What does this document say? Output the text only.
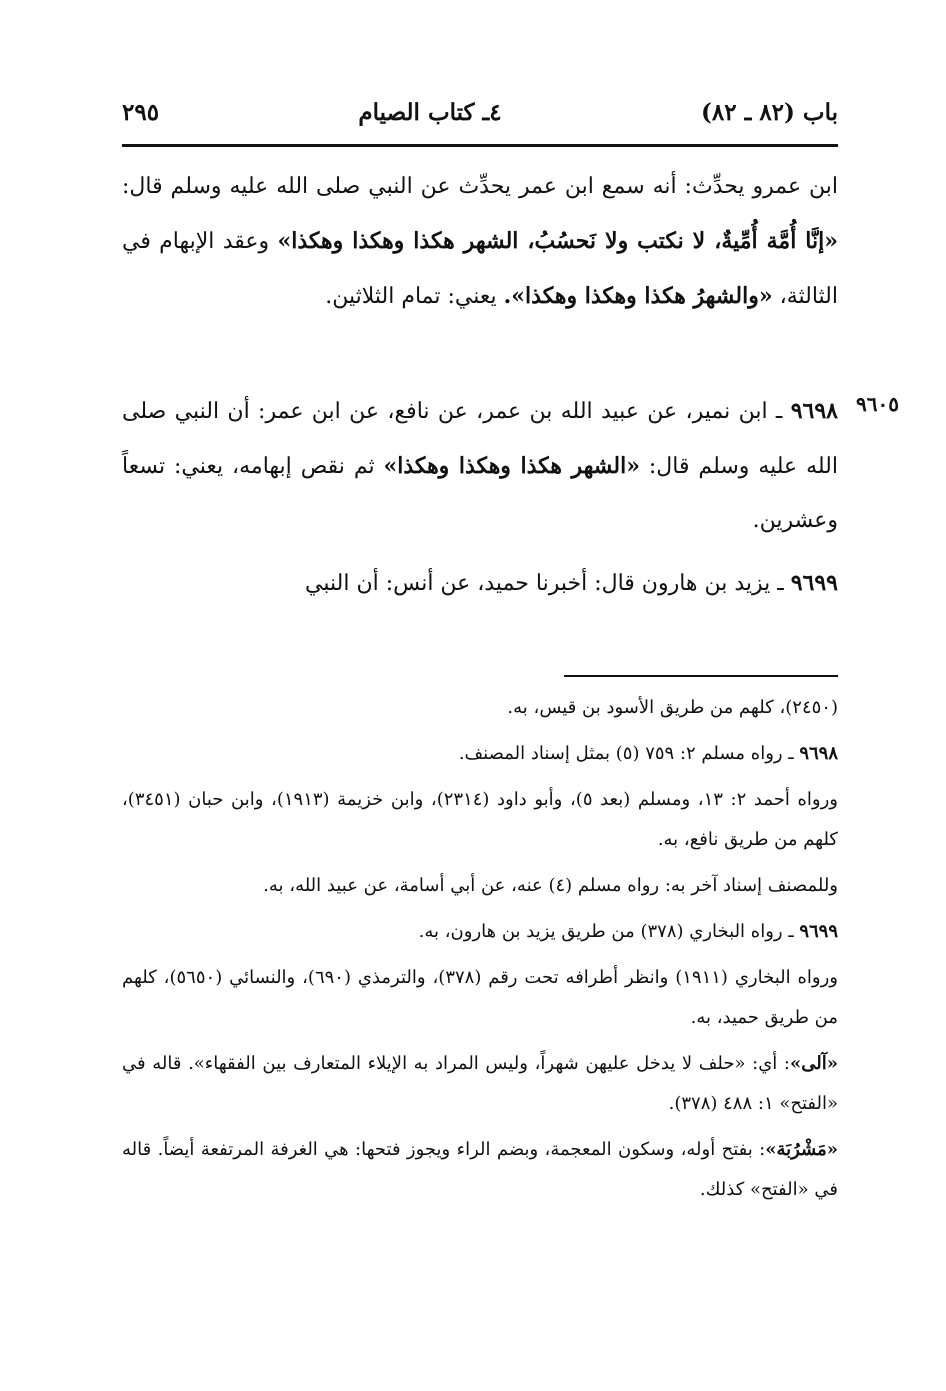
باب (٨٢ ـ ٨٢)
٤ـ كتاب الصيام
٢٩٥
ابن عمرو يحدِّث: أنه سمع ابن عمر يحدِّث عن النبي صلى الله عليه وسلم قال: «إنَّا أُمَّة أُمِّيةٌ، لا نكتب ولا نَحسُبُ، الشهر هكذا وهكذا وهكذا» وعقد الإبهام في الثالثة، «والشهرُ هكذا وهكذا وهكذا». يعني: تمام الثلاثين.
٩٦٠٥
٩٦٩٨ ـ ابن نمير، عن عبيد الله بن عمر، عن نافع، عن ابن عمر: أن النبي صلى الله عليه وسلم قال: «الشهر هكذا وهكذا وهكذا» ثم نقص إبهامه، يعني: تسعاً وعشرين.
٩٦٩٩ ـ يزيد بن هارون قال: أخبرنا حميد، عن أنس: أن النبي

(٢٤٥٠)، كلهم من طريق الأسود بن قيس، به.

٩٦٩٨ ـ رواه مسلم ٢: ٧٥٩ (٥) بمثل إسناد المصنف.

ورواه أحمد ٢: ١٣، ومسلم (بعد ٥)، وأبو داود (٢٣١٤)، وابن خزيمة (١٩١٣)، وابن حبان (٣٤٥١)، كلهم من طريق نافع، به.

وللمصنف إسناد آخر به: رواه مسلم (٤) عنه، عن أبي أسامة، عن عبيد الله، به.

٩٦٩٩ ـ رواه البخاري (٣٧٨) من طريق يزيد بن هارون، به.

ورواه البخاري (١٩١١) وانظر أطرافه تحت رقم (٣٧٨)، والترمذي (٦٩٠)، والنسائي (٥٦٥٠)، كلهم من طريق حميد، به.

«آلى»: أي: «حلف لا يدخل عليهن شهراً، وليس المراد به الإيلاء المتعارف بين الفقهاء». قاله في «الفتح» ١: ٤٨٨ (٣٧٨).

«مَشْرُبَة»: بفتح أوله، وسكون المعجمة، وبضم الراء ويجوز فتحها: هي الغرفة المرتفعة أيضاً. قاله في «الفتح» كذلك.
